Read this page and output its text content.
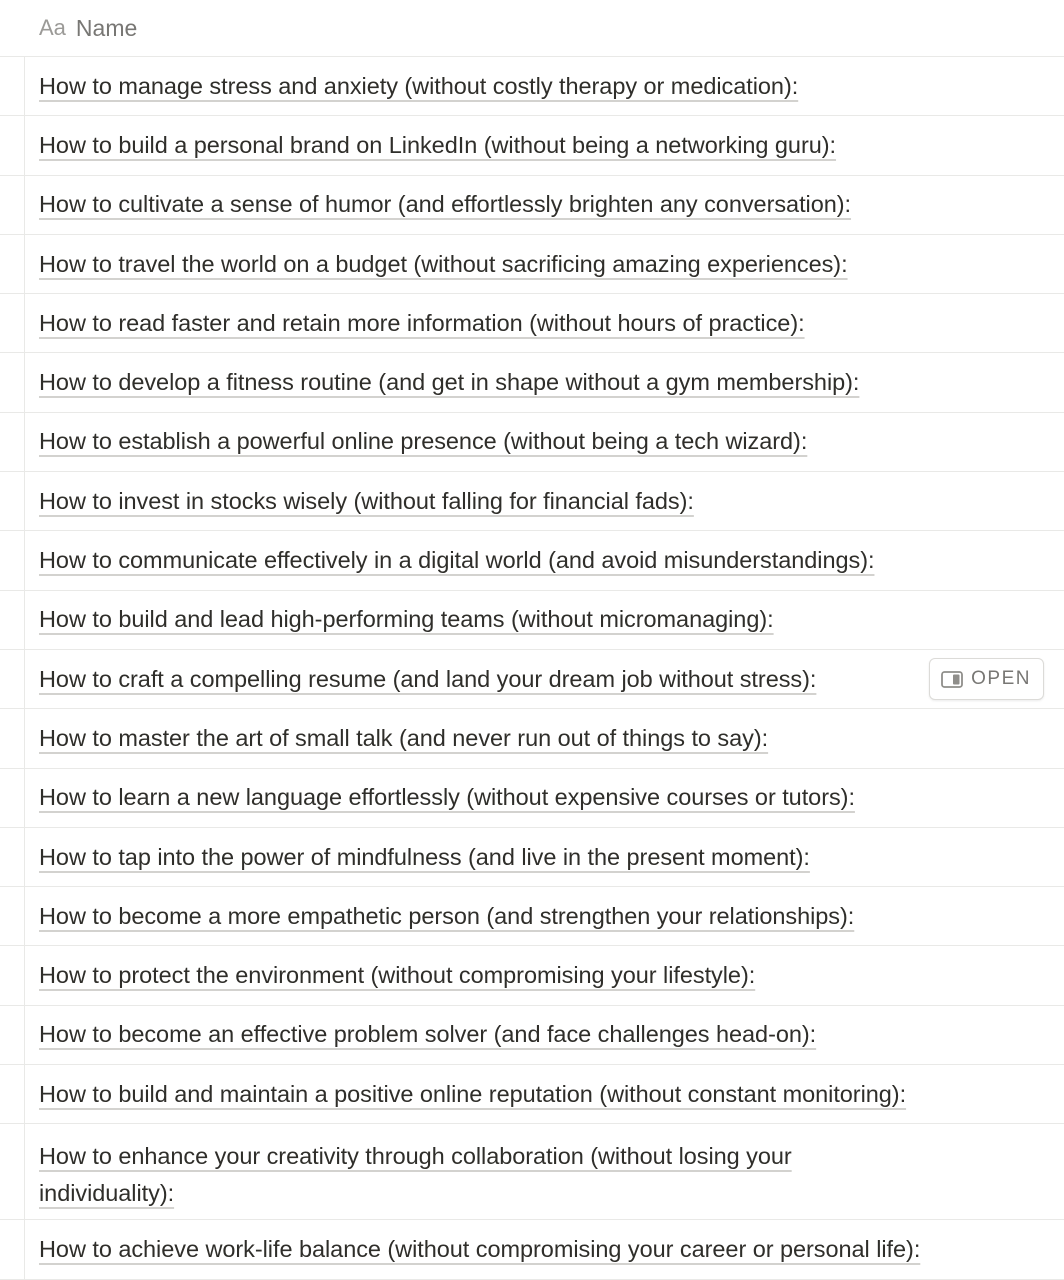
Aa Name
How to manage stress and anxiety (without costly therapy or medication):
How to build a personal brand on LinkedIn (without being a networking guru):
How to cultivate a sense of humor (and effortlessly brighten any conversation):
How to travel the world on a budget (without sacrificing amazing experiences):
How to read faster and retain more information (without hours of practice):
How to develop a fitness routine (and get in shape without a gym membership):
How to establish a powerful online presence (without being a tech wizard):
How to invest in stocks wisely (without falling for financial fads):
How to communicate effectively in a digital world (and avoid misunderstandings):
How to build and lead high-performing teams (without micromanaging):
How to craft a compelling resume (and land your dream job without stress):	OPEN
How to master the art of small talk (and never run out of things to say):
How to learn a new language effortlessly (without expensive courses or tutors):
How to tap into the power of mindfulness (and live in the present moment):
How to become a more empathetic person (and strengthen your relationships):
How to protect the environment (without compromising your lifestyle):
How to become an effective problem solver (and face challenges head-on):
How to build and maintain a positive online reputation (without constant monitoring):
How to enhance your creativity through collaboration (without losing your individuality):
How to achieve work-life balance (without compromising your career or personal life):
